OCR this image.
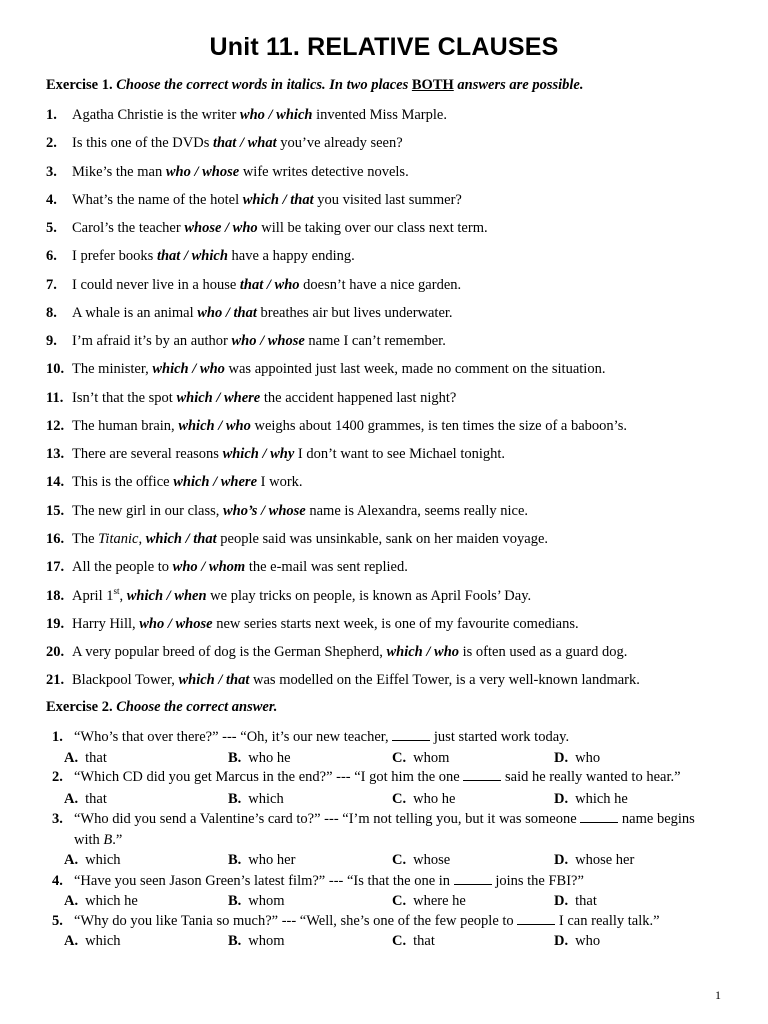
Unit 11. RELATIVE CLAUSES
Exercise 1. Choose the correct words in italics. In two places BOTH answers are possible.
1. Agatha Christie is the writer who / which invented Miss Marple.
2. Is this one of the DVDs that / what you’ve already seen?
3. Mike’s the man who / whose wife writes detective novels.
4. What’s the name of the hotel which / that you visited last summer?
5. Carol’s the teacher whose / who will be taking over our class next term.
6. I prefer books that / which have a happy ending.
7. I could never live in a house that / who doesn’t have a nice garden.
8. A whale is an animal who / that breathes air but lives underwater.
9. I’m afraid it’s by an author who / whose name I can’t remember.
10. The minister, which / who was appointed just last week, made no comment on the situation.
11. Isn’t that the spot which / where the accident happened last night?
12. The human brain, which / who weighs about 1400 grammes, is ten times the size of a baboon’s.
13. There are several reasons which / why I don’t want to see Michael tonight.
14. This is the office which / where I work.
15. The new girl in our class, who’s / whose name is Alexandra, seems really nice.
16. The Titanic, which / that people said was unsinkable, sank on her maiden voyage.
17. All the people to who / whom the e-mail was sent replied.
18. April 1st, which / when we play tricks on people, is known as April Fools’ Day.
19. Harry Hill, who / whose new series starts next week, is one of my favourite comedians.
20. A very popular breed of dog is the German Shepherd, which / who is often used as a guard dog.
21. Blackpool Tower, which / that was modelled on the Eiffel Tower, is a very well-known landmark.
Exercise 2. Choose the correct answer.
1
1. “Who’s that over there?” --- “Oh, it’s our new teacher,	just started work today.
A. that	B. who he	C. whom	D. who
2. “Which CD did you get Marcus in the end?” --- “I got him the one	said he really wanted to hear.”
A. that	B. which	C. who he	D. which he
3. “Who did you send a Valentine’s card to?” --- “I’m not telling you, but it was someone	name begins with B.”
A. which	B. who her	C. whose	D. whose her
4. “Have you seen Jason Green’s latest film?” --- “Is that the one in	joins the FBI?”
A. which he	B. whom	C. where he	D. that
5. “Why do you like Tania so much?” --- “Well, she’s one of the few people to	I can really talk.”
A. which	B. whom	C. that	D. who
